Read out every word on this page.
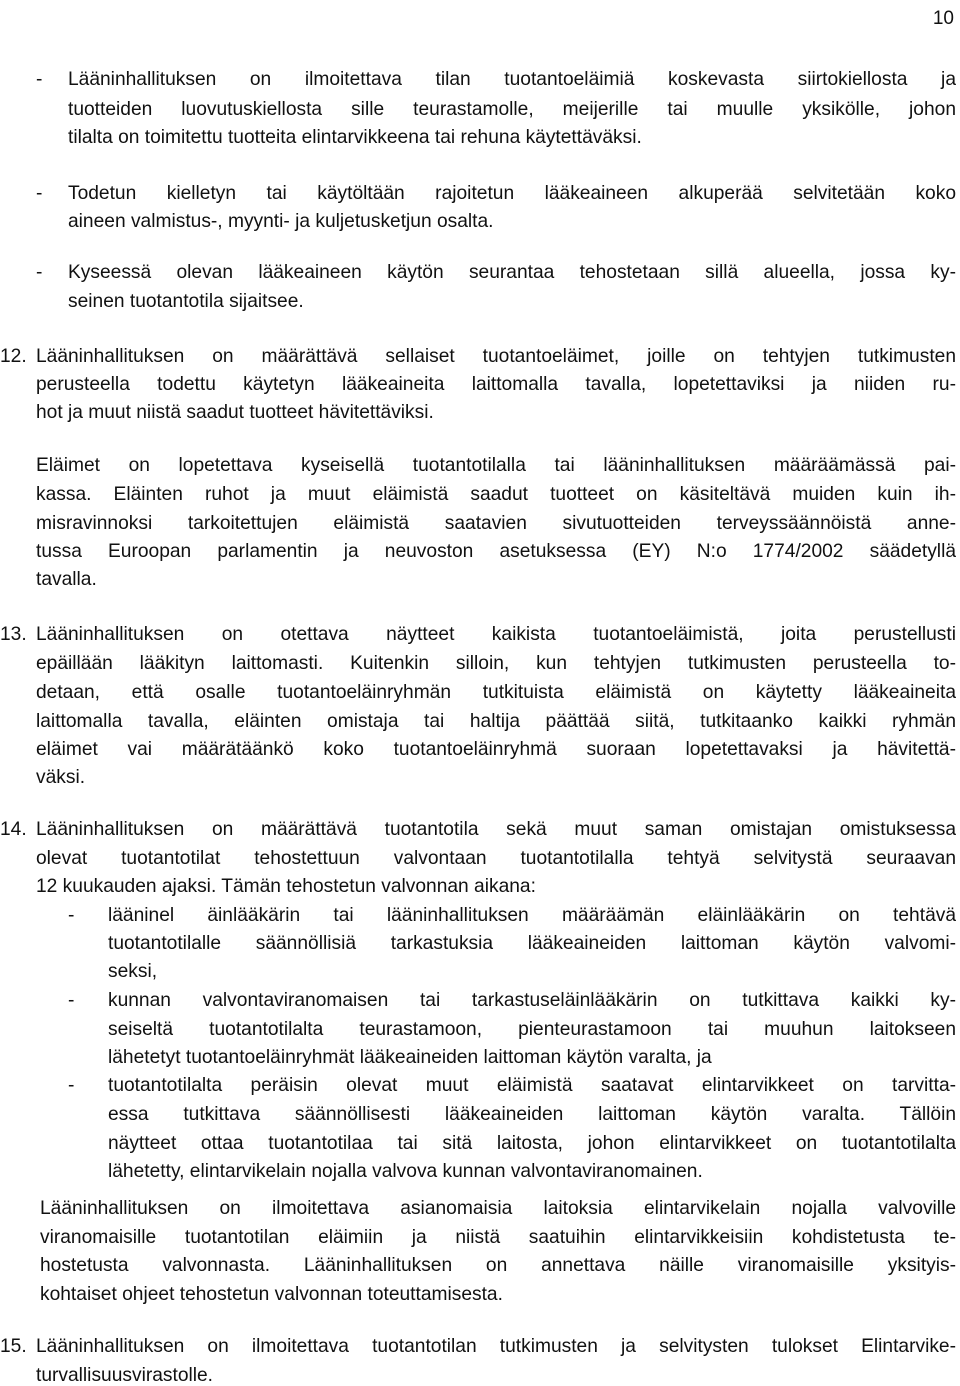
10
- Lääninhallituksen on ilmoitettava tilan tuotantoeläimiä koskevasta siirtokiellosta ja
tuotteiden luovutuskiellosta sille teurastamolle, meijerille tai muulle yksikölle, johon
tilalta on toimitettu tuotteita elintarvikkeena tai rehuna käytettäväksi.
- Todetun kielletyn tai käytöltään rajoitetun lääkeaineen alkuperää selvitetään koko
aineen valmistus-, myynti- ja kuljetusketjun osalta.
- Kyseessä olevan lääkeaineen käytön seurantaa tehostetaan sillä alueella, jossa ky-
seinen tuotantotila sijaitsee.
12. Lääninhallituksen on määrättävä sellaiset tuotantoeläimet, joille on tehtyjen tutkimusten
perusteella todettu käytetyn lääkeaineita laittomalla tavalla, lopetettaviksi ja niiden ru-
hot ja muut niistä saadut tuotteet hävitettäviksi.
Eläimet on lopetettava kyseisellä tuotantotilalla tai lääninhallituksen määräämässä pai-
kassa. Eläinten ruhot ja muut eläimistä saadut tuotteet on käsiteltävä muiden kuin ih-
misravinnoksi tarkoitettujen eläimistä saatavien sivutuotteiden terveyssäännöistä anne-
tussa Euroopan parlamentin ja neuvoston asetuksessa (EY) N:o 1774/2002 säädetyllä
tavalla.
13. Lääninhallituksen on otettava näytteet kaikista tuotantoeläimistä, joita perustellusti
epäillään lääkityn laittomasti. Kuitenkin silloin, kun tehtyjen tutkimusten perusteella to-
detaan, että osalle tuotantoeläinryhmän tutkituista eläimistä on käytetty lääkeaineita
laittomalla tavalla, eläinten omistaja tai haltija päättää siitä, tutkitaanko kaikki ryhmän
eläimet vai määrätäänkö koko tuotantoeläinryhmä suoraan lopetettavaksi ja hävitettä-
väksi.
14. Lääninhallituksen on määrättävä tuotantotila sekä muut saman omistajan omistuksessa
olevat tuotantotilat tehostettuun valvontaan tuotantotilalla tehtyä selvitystä seuraavan
12 kuukauden ajaksi. Tämän tehostetun valvonnan aikana:
- lääninel äinlääkärin tai lääninhallituksen määräämän eläinlääkärin on tehtävä
tuotantotilalle säännöllisiä tarkastuksia lääkeaineiden laittoman käytön valvomi-
seksi,
- kunnan valvontaviranomaisen tai tarkastuseläinlääkärin on tutkittava kaikki ky-
seiseltä tuotantotilalta teurastamoon, pienteurastamoon tai muuhun laitokseen
lähetetyt tuotantoeläinryhmät lääkeaineiden laittoman käytön varalta, ja
- tuotantotilalta peräisin olevat muut eläimistä saatavat elintarvikkeet on tarvitta-
essa tutkittava säännöllisesti lääkeaineiden laittoman käytön varalta. Tällöin
näytteet ottaa tuotantotilaa tai sitä laitosta, johon elintarvikkeet on tuotantotilalta
lähetetty, elintarvikelain nojalla valvova kunnan valvontaviranomainen.
Lääninhallituksen on ilmoitettava asianomaisia laitoksia elintarvikelain nojalla valvoville
viranomaisille tuotantotilan eläimiin ja niistä saatuihin elintarvikkeisiin kohdistetusta te-
hostetusta valvonnasta. Lääninhallituksen on annettava näille viranomaisille yksityis-
kohtaiset ohjeet tehostetun valvonnan toteuttamisesta.
15. Lääninhallituksen on ilmoitettava tuotantotilan tutkimusten ja selvitysten tulokset Elintarvike-
turvallisuusvirastolle.
